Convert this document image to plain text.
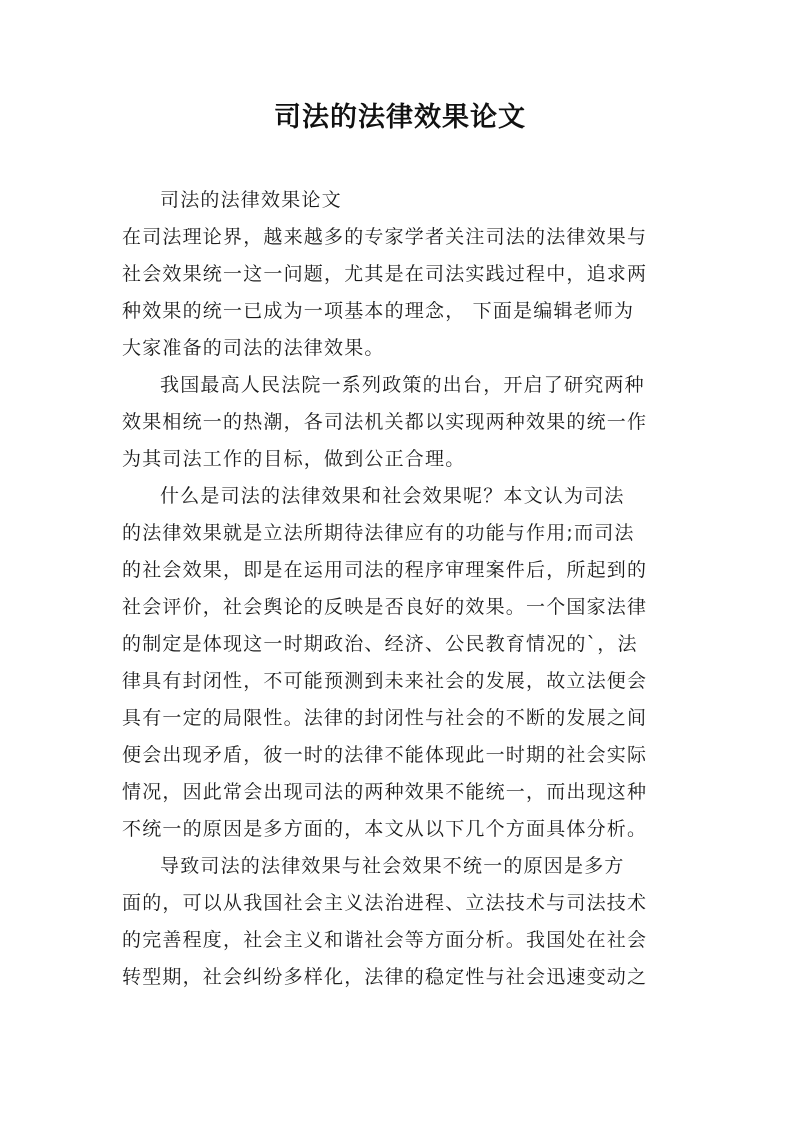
司法的法律效果论文
司法的法律效果论文
在司法理论界，越来越多的专家学者关注司法的法律效果与
社会效果统一这一问题，尤其是在司法实践过程中，追求两
种效果的统一已成为一项基本的理念， 下面是编辑老师为
大家准备的司法的法律效果。
我国最高人民法院一系列政策的出台，开启了研究两种
效果相统一的热潮，各司法机关都以实现两种效果的统一作
为其司法工作的目标，做到公正合理。
什么是司法的法律效果和社会效果呢？本文认为司法
的法律效果就是立法所期待法律应有的功能与作用;而司法
的社会效果，即是在运用司法的程序审理案件后，所起到的
社会评价，社会舆论的反映是否良好的效果。一个国家法律
的制定是体现这一时期政治、经济、公民教育情况的`，法
律具有封闭性，不可能预测到未来社会的发展，故立法便会
具有一定的局限性。法律的封闭性与社会的不断的发展之间
便会出现矛盾，彼一时的法律不能体现此一时期的社会实际
情况，因此常会出现司法的两种效果不能统一，而出现这种
不统一的原因是多方面的，本文从以下几个方面具体分析。
导致司法的法律效果与社会效果不统一的原因是多方
面的，可以从我国社会主义法治进程、立法技术与司法技术
的完善程度，社会主义和谐社会等方面分析。我国处在社会
转型期，社会纠纷多样化，法律的稳定性与社会迅速变动之
